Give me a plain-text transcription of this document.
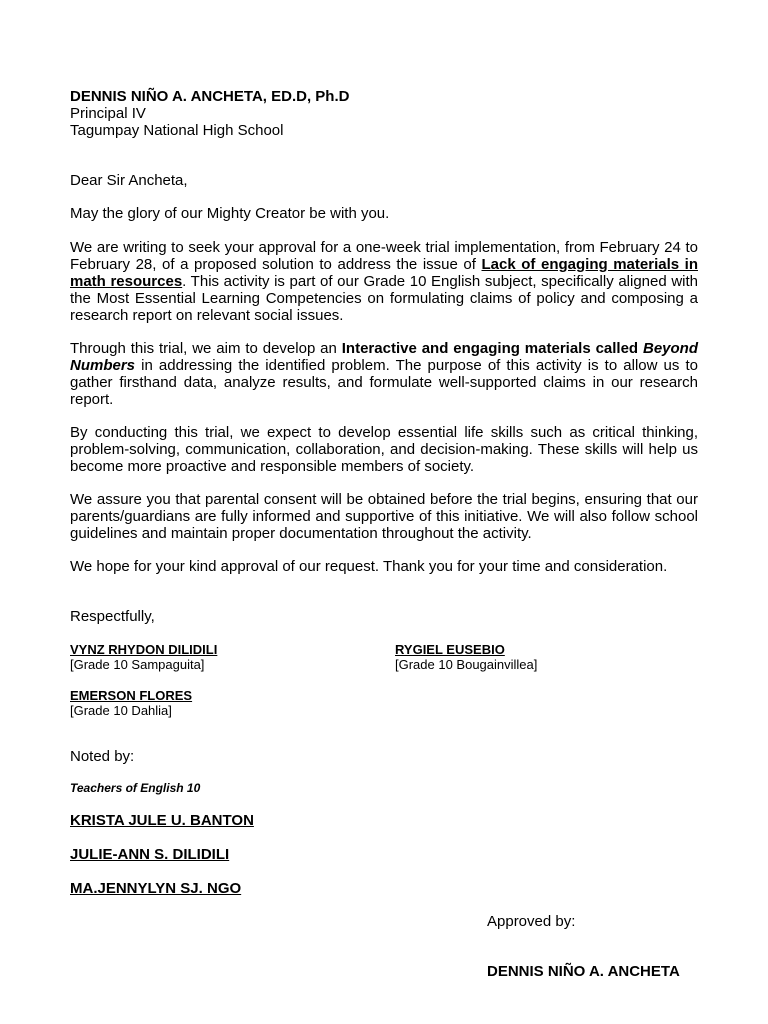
DENNIS NIÑO A. ANCHETA, ED.D, Ph.D

Principal IV

Tagumpay National High School

Dear Sir Ancheta,

May the glory of our Mighty Creator be with you.

We are writing to seek your approval for a one-week trial implementation, from February 24 to February 28, of a proposed solution to address the issue of Lack of engaging materials in math resources. This activity is part of our Grade 10 English subject, specifically aligned with the Most Essential Learning Competencies on formulating claims of policy and composing a research report on relevant social issues.

Through this trial, we aim to develop an Interactive and engaging materials called Beyond Numbers in addressing the identified problem. The purpose of this activity is to allow us to gather firsthand data, analyze results, and formulate well-supported claims in our research report.

By conducting this trial, we expect to develop essential life skills such as critical thinking, problem-solving, communication, collaboration, and decision-making. These skills will help us become more proactive and responsible members of society.

We assure you that parental consent will be obtained before the trial begins, ensuring that our parents/guardians are fully informed and supportive of this initiative. We will also follow school guidelines and maintain proper documentation throughout the activity.

We hope for your kind approval of our request. Thank you for your time and consideration.

Respectfully,

VYNZ RHYDON DILIDILI

[Grade 10 Sampaguita]

RYGIEL EUSEBIO

[Grade 10 Bougainvillea]

EMERSON FLORES

[Grade 10 Dahlia]

Noted by:

Teachers of English 10

KRISTA JULE U. BANTON

JULIE-ANN S. DILIDILI

MA.JENNYLYN SJ. NGO

Approved by:

DENNIS NIÑO A. ANCHETA
